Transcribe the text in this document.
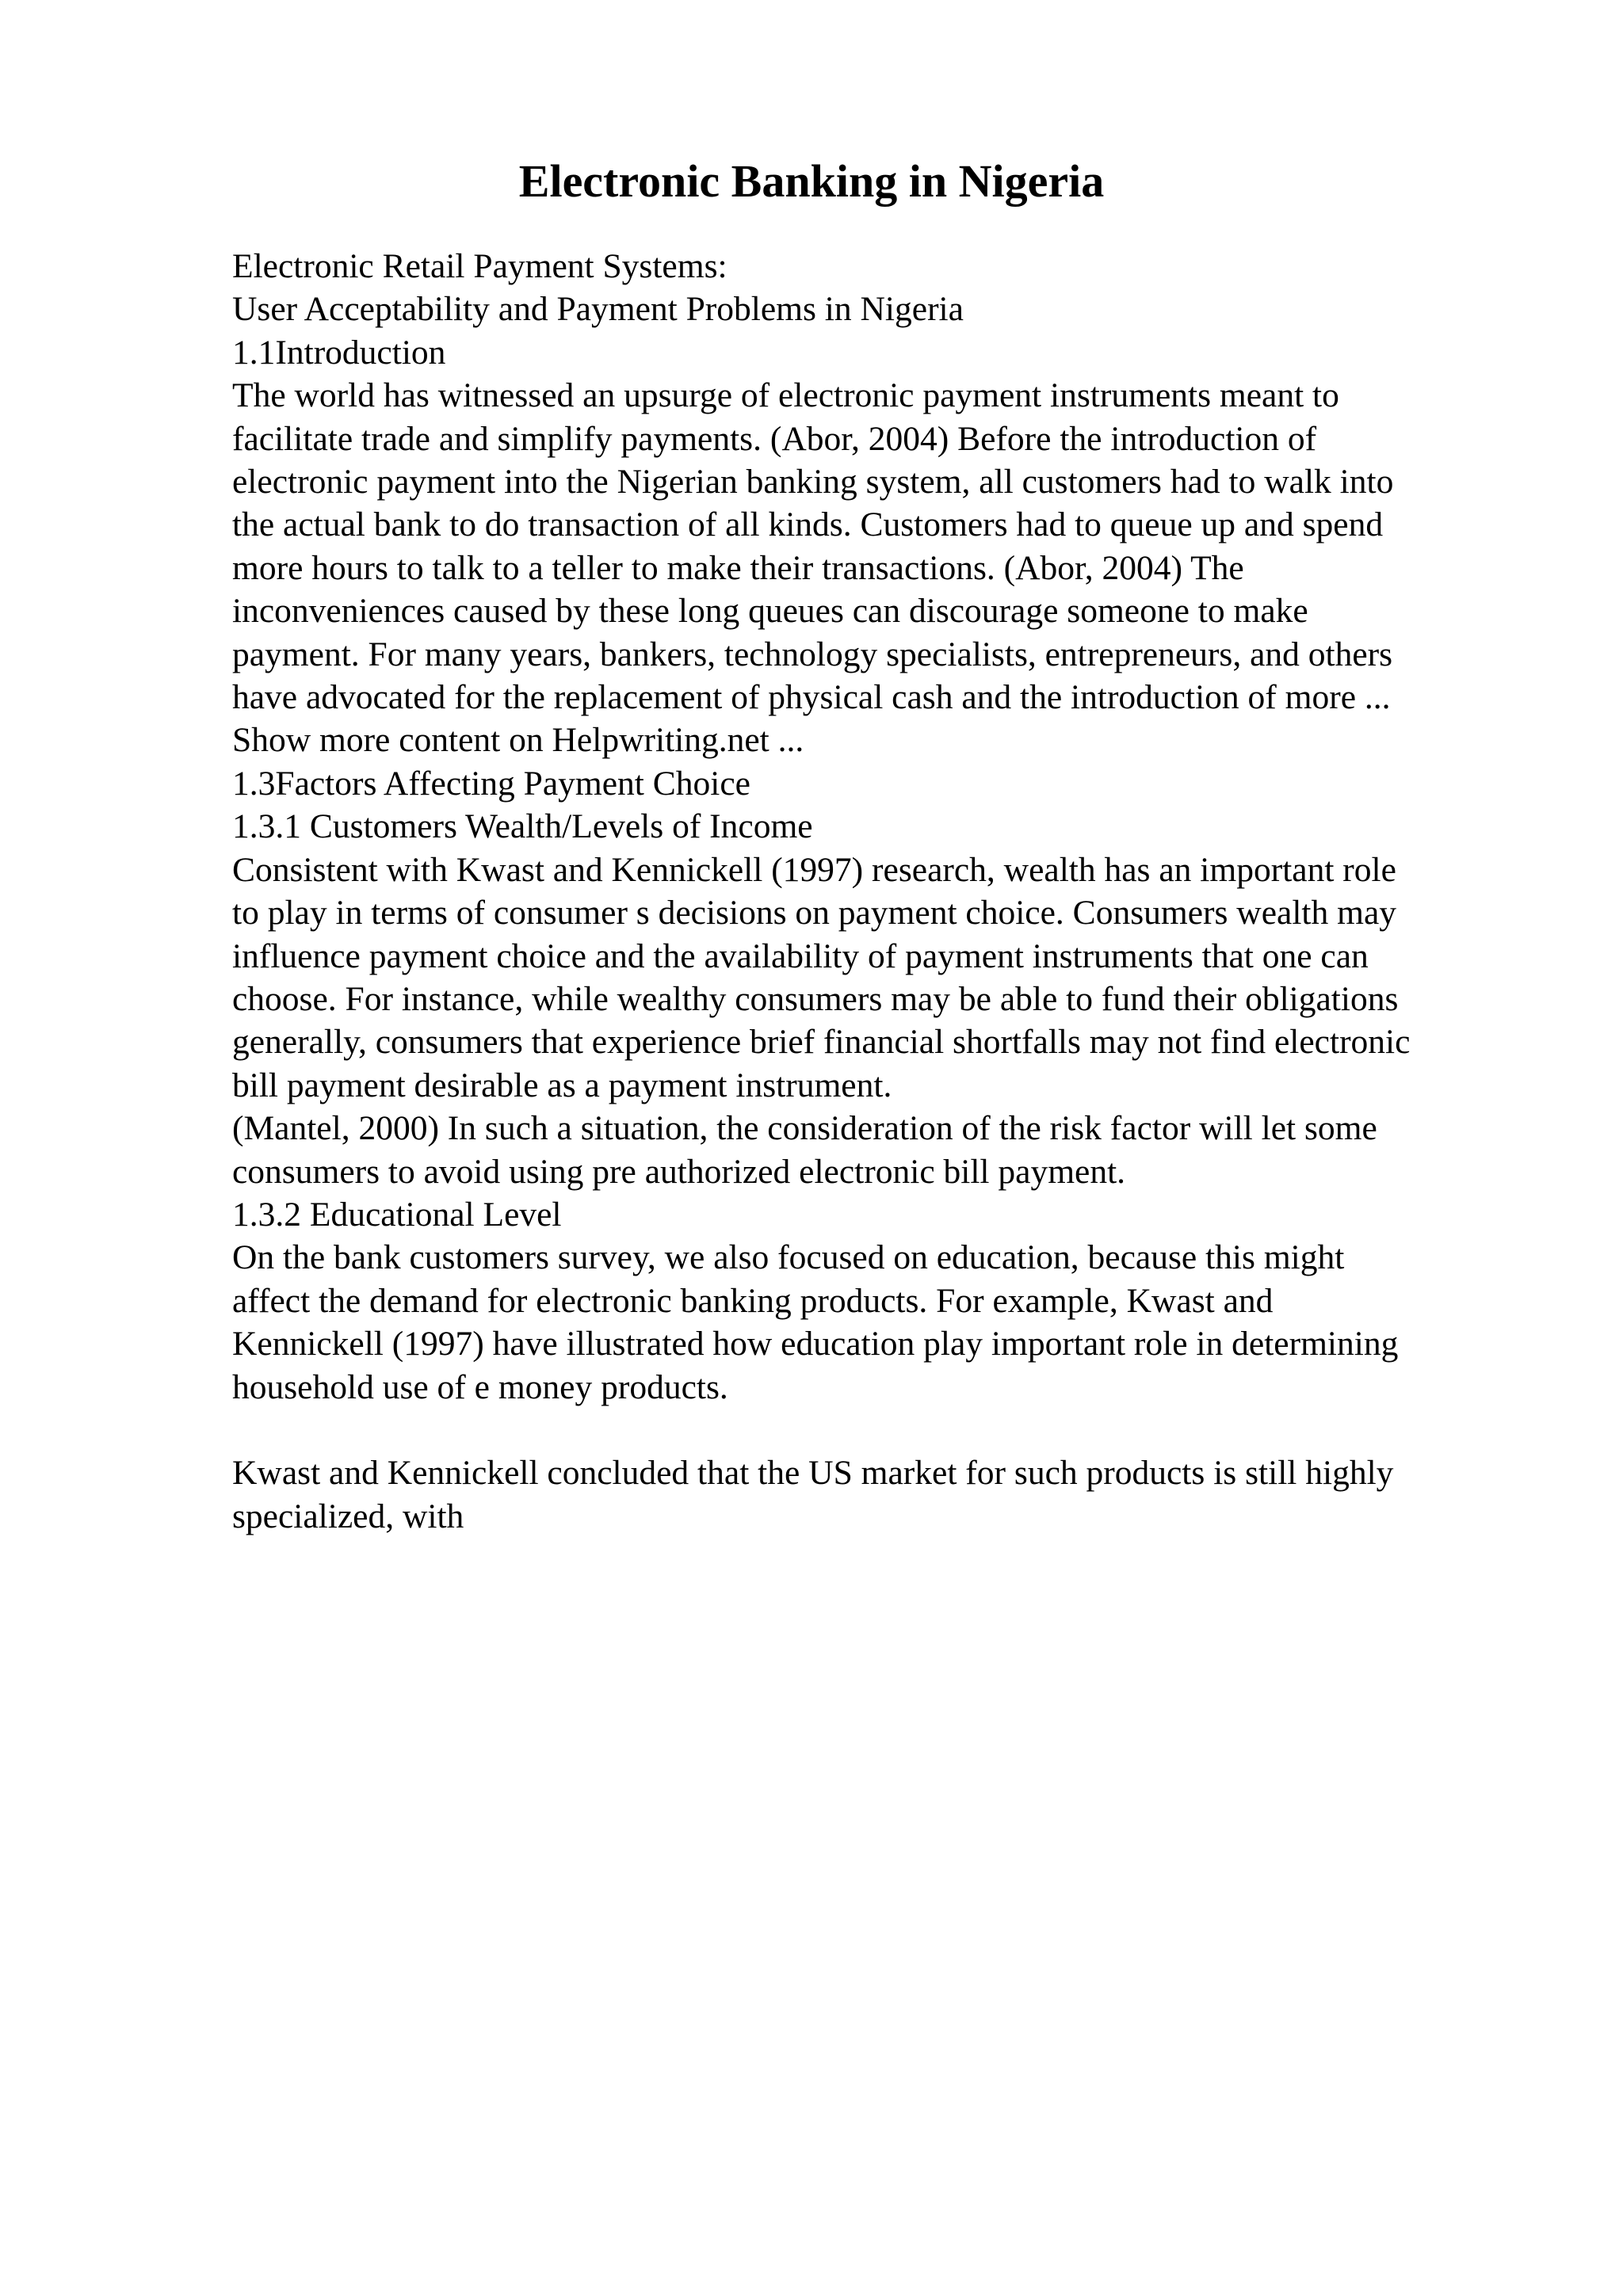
Electronic Banking in Nigeria
Electronic Retail Payment Systems:
User Acceptability and Payment Problems in Nigeria
1.1Introduction
The world has witnessed an upsurge of electronic payment instruments meant to
facilitate trade and simplify payments. (Abor, 2004) Before the introduction of
electronic payment into the Nigerian banking system, all customers had to walk into
the actual bank to do transaction of all kinds. Customers had to queue up and spend
more hours to talk to a teller to make their transactions. (Abor, 2004) The
inconveniences caused by these long queues can discourage someone to make
payment. For many years, bankers, technology specialists, entrepreneurs, and others
have advocated for the replacement of physical cash and the introduction of more ...
Show more content on Helpwriting.net ...
1.3Factors Affecting Payment Choice
1.3.1 Customers Wealth/Levels of Income
Consistent with Kwast and Kennickell (1997) research, wealth has an important role
to play in terms of consumer s decisions on payment choice. Consumers wealth may
influence payment choice and the availability of payment instruments that one can
choose. For instance, while wealthy consumers may be able to fund their obligations
generally, consumers that experience brief financial shortfalls may not find electronic
bill payment desirable as a payment instrument.
(Mantel, 2000) In such a situation, the consideration of the risk factor will let some
consumers to avoid using pre authorized electronic bill payment.
1.3.2 Educational Level
On the bank customers survey, we also focused on education, because this might
affect the demand for electronic banking products. For example, Kwast and
Kennickell (1997) have illustrated how education play important role in determining
household use of e money products.
Kwast and Kennickell concluded that the US market for such products is still highly
specialized, with
